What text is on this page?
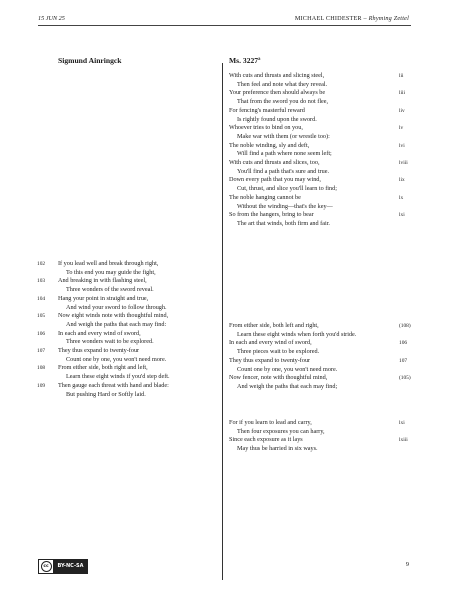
15 JUN 25	MICHAEL CHIDESTER – Rhyming Zettel
Sigmund Ainringck	Ms. 3227ª
With cuts and thrusts and slicing steel,	lii
Then feel and note what they reveal.
Your preference then should always be	liii
That from the sword you do not flee,
For fencing's masterful reward	liv
Is rightly found upon the sword.
Whoever tries to bind on you,	lv
Make war with them (or wrestle too):
The noble winding, sly and deft,	lvi
Will find a path where none seem left;
With cuts and thrusts and slices, too,	lviii
You'll find a path that's sure and true.
Down every path that you may wind,	lix
Cut, thrust, and slice you'll learn to find;
The noble hanging cannot be	lx
Without the winding—that's the key—
So from the hangers, bring to bear	lxi
The art that winds, both firm and fair.
102	If you lead well and break through right,
To this end you may guide the fight,
103	And breaking in with flashing steel,
Three wonders of the sword reveal.
104	Hang your point in straight and true,
And wind your sword to follow through.
105	Now eight winds note with thoughtful mind,
And weigh the paths that each may find:
106	In each and every wind of sword,
Three wonders wait to be explored.
107	They thus expand to twenty-four
Count one by one, you won't need more.
108	From either side, both right and left,
Learn these eight winds if you'd step deft.
109	Then gauge each threat with hand and blade:
But pushing Hard or Softly laid.
From either side, both left and right,	(108)
Learn these eight winds when forth you'd stride.
In each and every wind of sword,	106
Three pieces wait to be explored.
They thus expand to twenty-four	107
Count one by one, you won't need more.
Now fencer, note with thoughtful mind,	(105)
And weigh the paths that each may find;
For if you learn to lead and carry,	lxi
Then four exposures you can harry,
Since each exposure as it lays	lxiii
May thus be harried in six ways.
cc	BY-NC-SA	9
